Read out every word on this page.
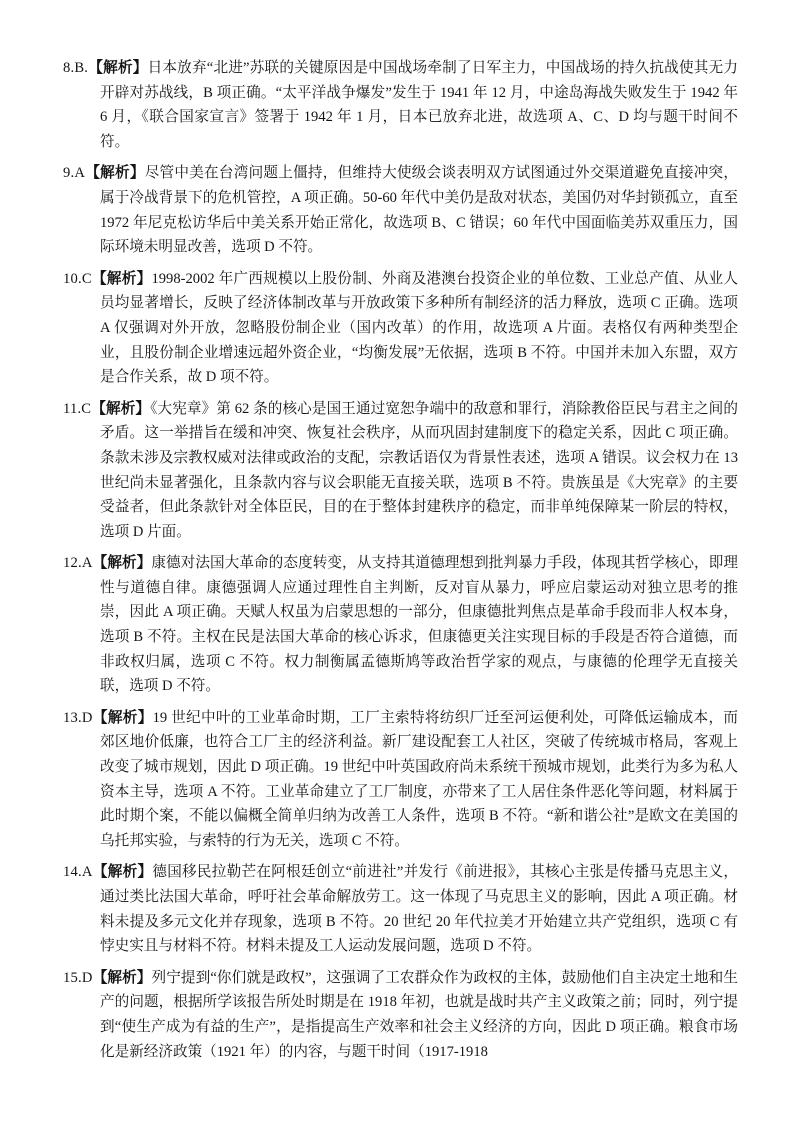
8.B.【解析】日本放弃“北进”苏联的关键原因是中国战场牵制了日军主力，中国战场的持久抗战使其无力开辟对苏战线，B 项正确。“太平洋战争爆发”发生于 1941 年 12 月，中途岛海战失败发生于 1942 年 6 月，《联合国家宣言》签署于 1942 年 1 月，日本已放弃北进，故选项 A、C、D 均与题干时间不符。

9.A【解析】尽管中美在台湾问题上僵持，但维持大使级会谈表明双方试图通过外交渠道避免直接冲突，属于冷战背景下的危机管控，A 项正确。50-60 年代中美仍是敌对状态，美国仍对华封锁孤立，直至 1972 年尼克松访华后中美关系开始正常化，故选项 B、C 错误；60 年代中国面临美苏双重压力，国际环境未明显改善，选项 D 不符。

10.C【解析】1998-2002 年广西规模以上股份制、外商及港澳台投资企业的单位数、工业总产值、从业人员均显著增长，反映了经济体制改革与开放政策下多种所有制经济的活力释放，选项 C 正确。选项 A 仅强调对外开放，忽略股份制企业（国内改革）的作用，故选项 A 片面。表格仅有两种类型企业，且股份制企业增速远超外资企业，“均衡发展”无依据，选项 B 不符。中国并未加入东盟，双方是合作关系，故 D 项不符。

11.C【解析】《大宪章》第 62 条的核心是国王通过宽恕争端中的敌意和罪行，消除教俗臣民与君主之间的矛盾。这一举措旨在缓和冲突、恢复社会秩序，从而巩固封建制度下的稳定关系，因此 C 项正确。条款未涉及宗教权威对法律或政治的支配，宗教话语仅为背景性表述，选项 A 错误。议会权力在 13 世纪尚未显著强化，且条款内容与议会职能无直接关联，选项 B 不符。贵族虽是《大宪章》的主要受益者，但此条款针对全体臣民，目的在于整体封建秩序的稳定，而非单纯保障某一阶层的特权，选项 D 片面。

12.A【解析】康德对法国大革命的态度转变，从支持其道德理想到批判暴力手段，体现其哲学核心，即理性与道德自律。康德强调人应通过理性自主判断，反对盲从暴力，呼应启蒙运动对独立思考的推崇，因此 A 项正确。天赋人权虽为启蒙思想的一部分，但康德批判焦点是革命手段而非人权本身，选项 B 不符。主权在民是法国大革命的核心诉求，但康德更关注实现目标的手段是否符合道德，而非政权归属，选项 C 不符。权力制衡属孟德斯鸠等政治哲学家的观点，与康德的伦理学无直接关联，选项 D 不符。

13.D【解析】19 世纪中叶的工业革命时期，工厂主索特将纺织厂迁至河运便利处，可降低运输成本，而郊区地价低廉，也符合工厂主的经济利益。新厂建设配套工人社区，突破了传统城市格局，客观上改变了城市规划，因此 D 项正确。19 世纪中叶英国政府尚未系统干预城市规划，此类行为多为私人资本主导，选项 A 不符。工业革命建立了工厂制度，亦带来了工人居住条件恶化等问题，材料属于此时期个案，不能以偏概全简单归纳为改善工人条件，选项 B 不符。“新和谐公社”是欧文在美国的乌托邦实验，与索特的行为无关，选项 C 不符。

14.A【解析】德国移民拉勒芒在阿根廷创立“前进社”并发行《前进报》，其核心主张是传播马克思主义，通过类比法国大革命，呼吁社会革命解放劳工。这一体现了马克思主义的影响，因此 A 项正确。材料未提及多元文化并存现象，选项 B 不符。20 世纪 20 年代拉美才开始建立共产党组织，选项 C 有悖史实且与材料不符。材料未提及工人运动发展问题，选项 D 不符。

15.D【解析】列宁提到“你们就是政权”，这强调了工农群众作为政权的主体，鼓励他们自主决定土地和生产的问题，根据所学该报告所处时期是在 1918 年初，也就是战时共产主义政策之前；同时，列宁提到“使生产成为有益的生产”，是指提高生产效率和社会主义经济的方向，因此 D 项正确。粮食市场化是新经济政策（1921 年）的内容，与题干时间（1917-1918
